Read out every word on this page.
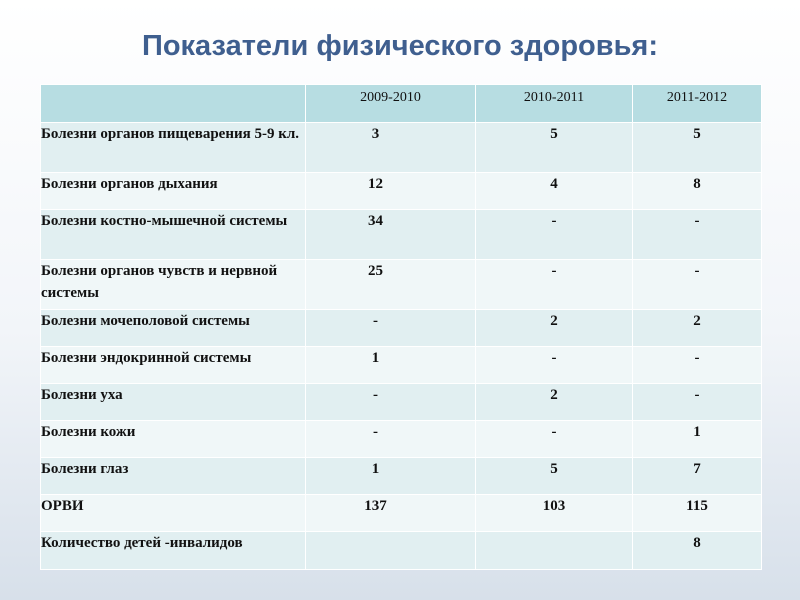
Показатели физического здоровья:
	2009-2010	2010-2011	2011-2012
Болезни органов пищеварения 5-9 кл.	3	5	5
Болезни органов дыхания	12	4	8
Болезни костно-мышечной системы	34	-	-
Болезни органов чувств и нервной системы	25	-	-
Болезни мочеполовой системы	-	2	2
Болезни эндокринной системы	1	-	-
Болезни уха	-	2	-
Болезни кожи	-	-	1
Болезни глаз	1	5	7
ОРВИ	137	103	115
Количество детей -инвалидов			8
